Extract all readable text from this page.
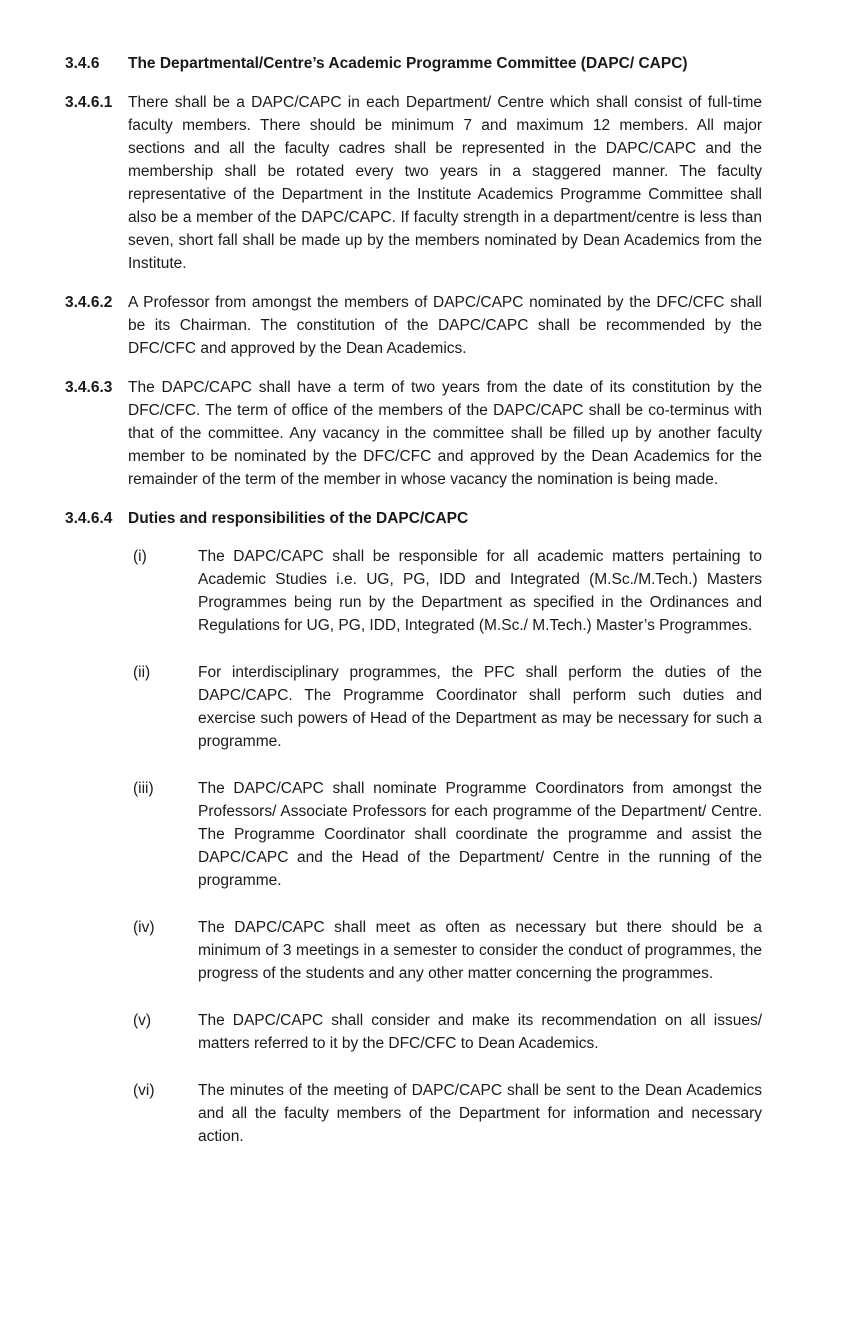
3.4.6	The Departmental/Centre’s Academic Programme Committee (DAPC/ CAPC)
3.4.6.1	There shall be a DAPC/CAPC in each Department/ Centre which shall consist of full-time faculty members. There should be minimum 7 and maximum 12 members. All major sections and all the faculty cadres shall be represented in the DAPC/CAPC and the membership shall be rotated every two years in a staggered manner. The faculty representative of the Department in the Institute Academics Programme Committee shall also be a member of the DAPC/CAPC. If faculty strength in a department/centre is less than seven, short fall shall be made up by the members nominated by Dean Academics from the Institute.
3.4.6.2	A Professor from amongst the members of DAPC/CAPC nominated by the DFC/CFC shall be its Chairman. The constitution of the DAPC/CAPC shall be recommended by the DFC/CFC and approved by the Dean Academics.
3.4.6.3	The DAPC/CAPC shall have a term of two years from the date of its constitution by the DFC/CFC. The term of office of the members of the DAPC/CAPC shall be co-terminus with that of the committee. Any vacancy in the committee shall be filled up by another faculty member to be nominated by the DFC/CFC and approved by the Dean Academics for the remainder of the term of the member in whose vacancy the nomination is being made.
3.4.6.4	Duties and responsibilities of the DAPC/CAPC
(i)	The DAPC/CAPC shall be responsible for all academic matters pertaining to Academic Studies i.e. UG, PG, IDD and Integrated (M.Sc./M.Tech.) Masters Programmes being run by the Department as specified in the Ordinances and Regulations for UG, PG, IDD, Integrated (M.Sc./ M.Tech.) Master’s Programmes.
(ii)	For interdisciplinary programmes, the PFC shall perform the duties of the DAPC/CAPC. The Programme Coordinator shall perform such duties and exercise such powers of Head of the Department as may be necessary for such a programme.
(iii)	The DAPC/CAPC shall nominate Programme Coordinators from amongst the Professors/ Associate Professors for each programme of the Department/ Centre. The Programme Coordinator shall coordinate the programme and assist the DAPC/CAPC and the Head of the Department/ Centre in the running of the programme.
(iv)	The DAPC/CAPC shall meet as often as necessary but there should be a minimum of 3 meetings in a semester to consider the conduct of programmes, the progress of the students and any other matter concerning the programmes.
(v)	The DAPC/CAPC shall consider and make its recommendation on all issues/ matters referred to it by the DFC/CFC to Dean Academics.
(vi)	The minutes of the meeting of DAPC/CAPC shall be sent to the Dean Academics and all the faculty members of the Department for information and necessary action.
